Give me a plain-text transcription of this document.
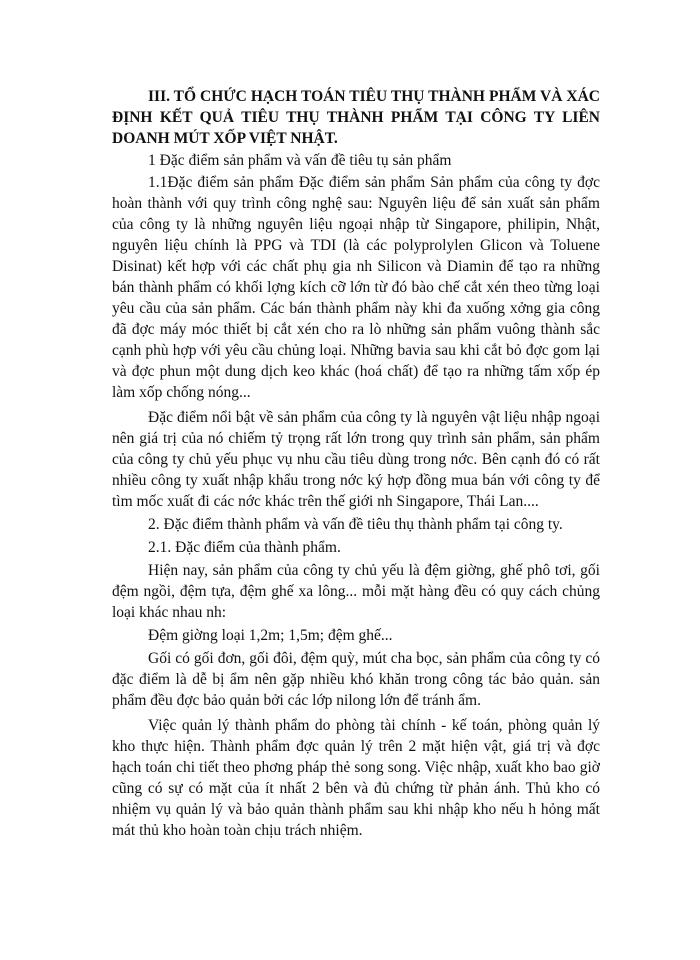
III. TỔ CHỨC HẠCH TOÁN TIÊU THỤ THÀNH PHẨM VÀ XÁC ĐỊNH KẾT QUẢ TIÊU THỤ THÀNH PHẨM TẠI CÔNG TY LIÊN DOANH MÚT XỐP VIỆT NHẬT.

1 Đặc điểm sản phẩm và vấn đề tiêu tụ sản phẩm

1.1Đặc điểm sản phẩm Đặc điểm sản phẩm Sản phẩm của công ty đợc hoàn thành với quy trình công nghệ sau: Nguyên liệu để sản xuất sản phẩm của công ty là những nguyên liệu ngoại nhập từ Singapore, philipin, Nhật, nguyên liệu chính là PPG và TDI (là các polyprolylen Glicon và Toluene Disinat) kết hợp với các chất phụ gia nh Silicon và Diamin để tạo ra những bán thành phẩm có khối lợng kích cỡ lớn từ đó bào chế cắt xén theo từng loại yêu cầu của sản phẩm. Các bán thành phẩm này khi đa xuống xởng gia công đã đợc máy móc thiết bị cắt xén cho ra lò những sản phẩm vuông thành sắc cạnh phù hợp với yêu cầu chủng loại. Những bavia sau khi cắt bỏ đợc gom lại và đợc phun một dung dịch keo khác (hoá chất) để tạo ra những tấm xốp ép làm xốp chống nóng...

Đặc điểm nổi bật về sản phẩm của công ty là nguyên vật liệu nhập ngoại nên giá trị của nó chiếm tỷ trọng rất lớn trong quy trình sản phẩm, sản phẩm của công ty chủ yếu phục vụ nhu cầu tiêu dùng trong nớc. Bên cạnh đó có rất nhiều công ty xuất nhập khẩu trong nớc ký hợp đồng mua bán với công ty để tìm mốc xuất đi các nớc khác trên thế giới nh Singapore, Thái Lan....

2. Đặc điểm thành phẩm và vấn đề tiêu thụ thành phẩm tại công ty.

2.1. Đặc điểm của thành phẩm.

Hiện nay, sản phẩm của công ty chủ yếu là đệm giờng, ghế phô tơi, gối đệm ngồi, đệm tựa, đệm ghế xa lông... mỗi mặt hàng đều có quy cách chủng loại khác nhau nh:

Đệm giờng loại 1,2m; 1,5m; đệm ghế...

Gối có gối đơn, gối đôi, đệm quỳ, mút cha bọc, sản phẩm của công ty có đặc điểm là dễ bị ẩm nên gặp nhiều khó khăn trong công tác bảo quản. sản phẩm đều đợc bảo quản bởi các lớp nilong lớn để tránh ẩm.

Việc quản lý thành phẩm do phòng tài chính - kế toán, phòng quản lý kho thực hiện. Thành phẩm đợc quản lý trên 2 mặt hiện vật, giá trị và đợc hạch toán chi tiết theo phơng pháp thẻ song song. Việc nhập, xuất kho bao giờ cũng có sự có mặt của ít nhất 2 bên và đủ chứng từ phản ánh. Thủ kho có nhiệm vụ quản lý và bảo quản thành phẩm sau khi nhập kho nếu h hỏng mất mát thủ kho hoàn toàn chịu trách nhiệm.
